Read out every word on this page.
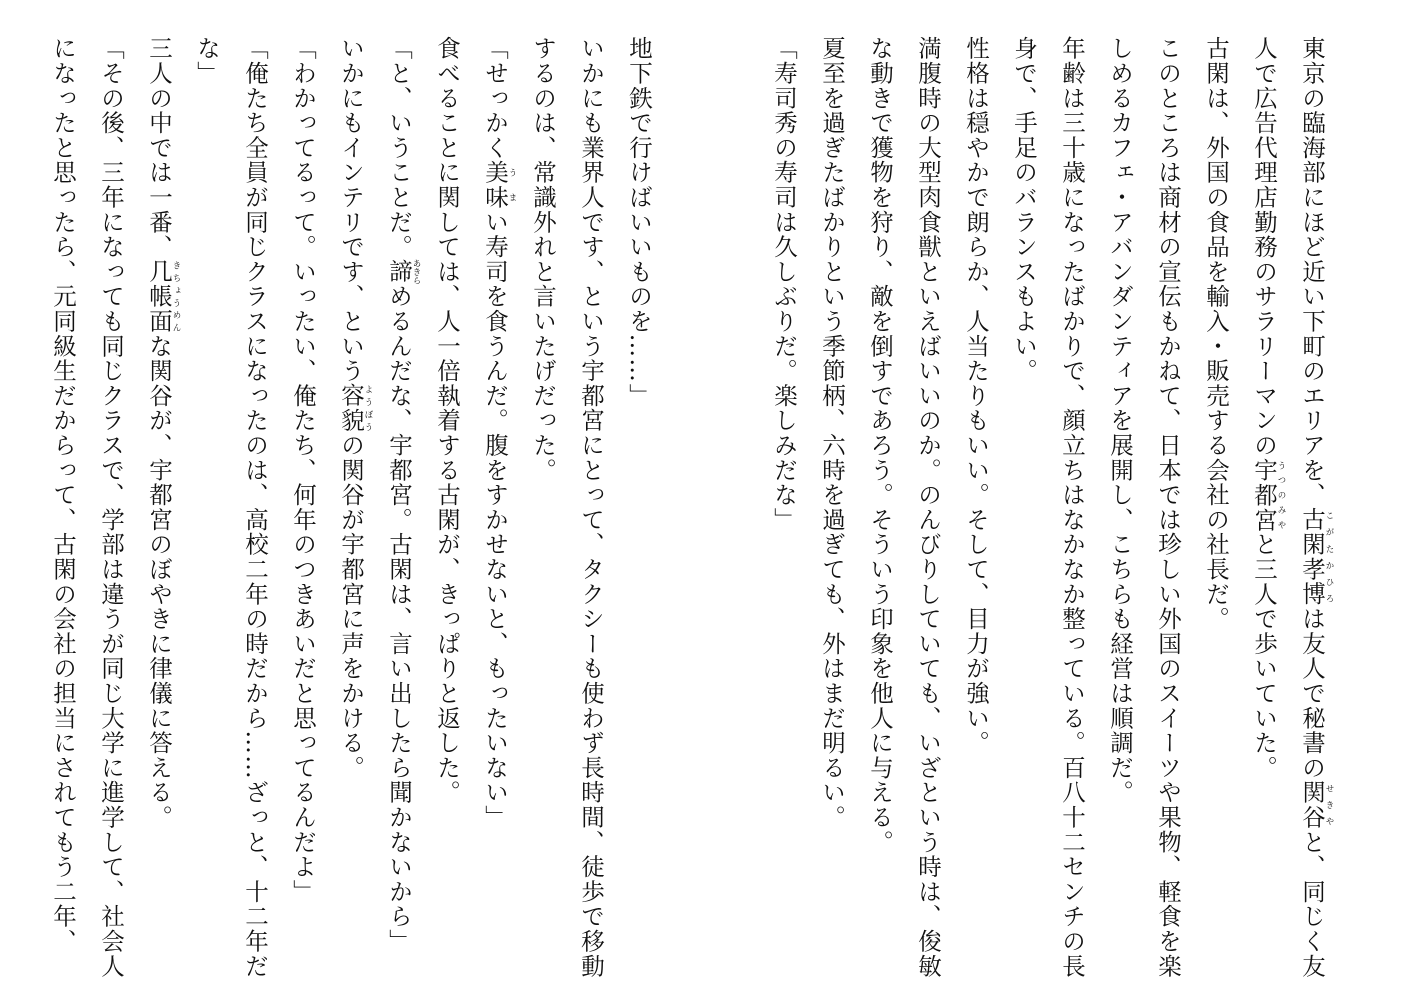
東京の臨海部にほど近い下町のエリアを、古閑孝博こがたかひろは友人で秘書の関谷せきやと、同じく友人で広告代理店勤務のサラリーマンの宇都宮うつのみやと三人で歩いていた。

古閑は、外国の食品を輸入・販売する会社の社長だ。

このところは商材の宣伝もかねて、日本では珍しい外国のスイーツや果物、軽食を楽しめるカフェ・アバンダンティアを展開し、こちらも経営は順調だ。

年齢は三十歳になったばかりで、顔立ちはなかなか整っている。百八十二センチの長身で、手足のバランスもよい。

性格は穏やかで朗らか、人当たりもいい。そして、目力が強い。

満腹時の大型肉食獣といえばいいのか。のんびりしていても、いざという時は、俊敏な動きで獲物を狩り、敵を倒すであろう。そういう印象を他人に与える。

夏至を過ぎたばかりという季節柄、六時を過ぎても、外はまだ明るい。

「寿司秀の寿司は久しぶりだ。楽しみだな」

地下鉄で行けばいいものを……」

いかにも業界人です、という宇都宮にとって、タクシーも使わず長時間、徒歩で移動するのは、常識外れと言いたげだった。

「せっかく美味うまい寿司を食うんだ。腹をすかせないと、もったいない」

食べることに関しては、人一倍執着する古閑が、きっぱりと返した。

「と、いうことだ。諦あきらめるんだな、宇都宮。古閑は、言い出したら聞かないから」

いかにもインテリです、という容貌ようぼうの関谷が宇都宮に声をかける。

「わかってるって。いったい、俺たち、何年のつきあいだと思ってるんだよ」

「俺たち全員が同じクラスになったのは、高校二年の時だから……ざっと、十二年だな」

三人の中では一番、几帳面きちょうめんな関谷が、宇都宮のぼやきに律儀に答える。

「その後、三年になっても同じクラスで、学部は違うが同じ大学に進学して、社会人になったと思ったら、元同級生だからって、古閑の会社の担当にされてもう二年、
